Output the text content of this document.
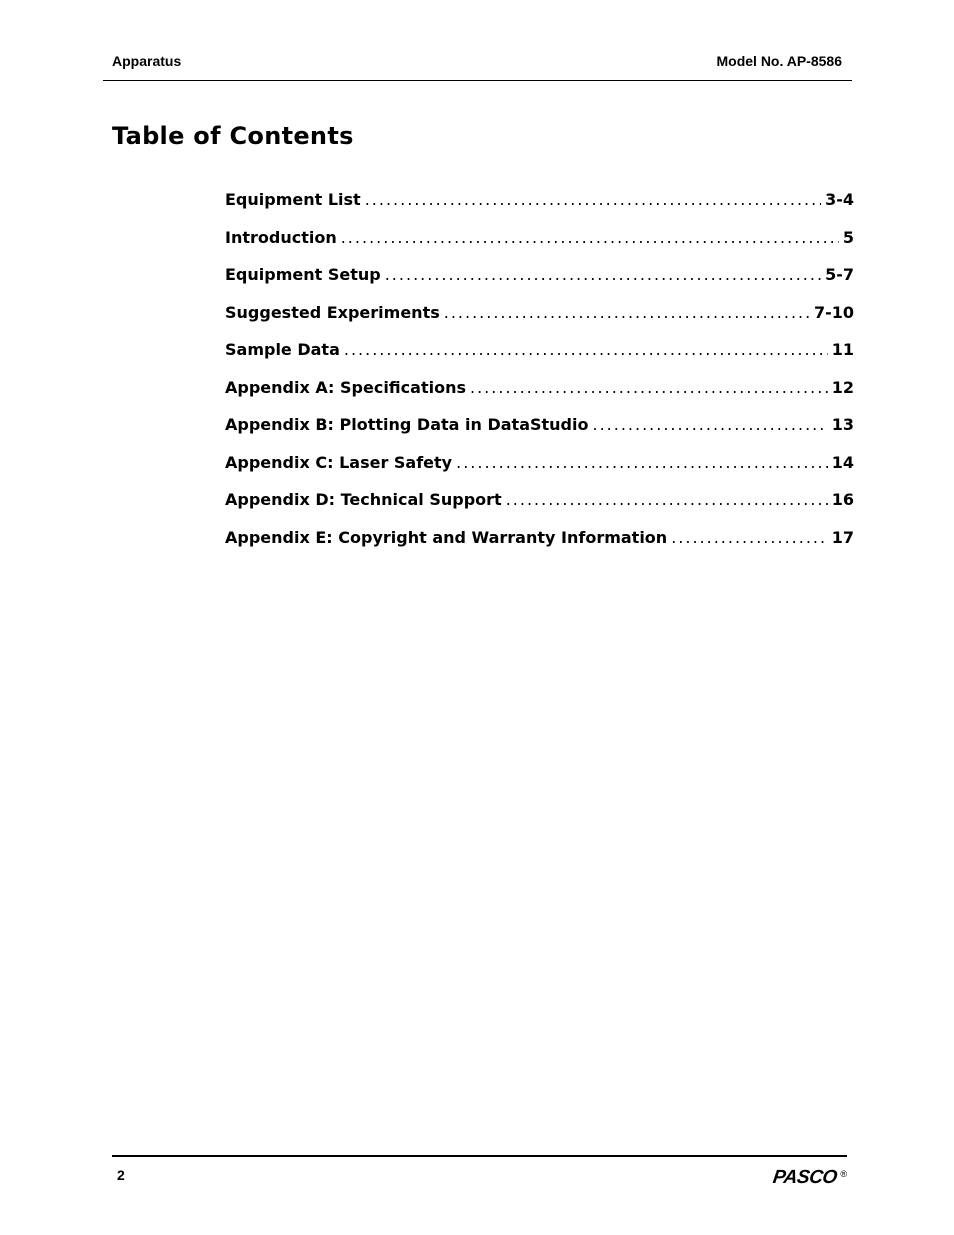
Apparatus	Model No. AP-8586
Table of Contents
Equipment List .....	3-4
Introduction .....	5
Equipment Setup .....	5-7
Suggested Experiments .....	7-10
Sample Data .....	11
Appendix A: Specifications .....	12
Appendix B: Plotting Data in DataStudio .....	13
Appendix C: Laser Safety .....	14
Appendix D: Technical Support .....	16
Appendix E: Copyright and Warranty Information .....	17
2	PASCO ®
